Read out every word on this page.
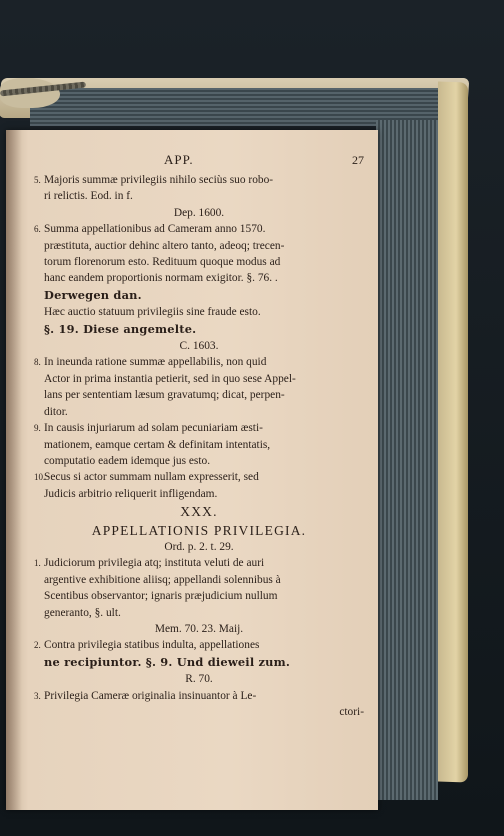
APP.	27
5. Majoris summæ privilegiis nihilo seciùs suo robo-
ri relictis. Eod. in f.
Dep. 1600.
6. Summa appellationibus ad Cameram anno 1570.
præstituta, auctior dehinc altero tanto, adeoq; trecen-
torum florenorum esto. Redituum quoque modus ad
hanc eandem proportionis normam exigitor. §. 76. .
Derwegen dan.
Hæc auctio statuum privilegiis sine fraude esto.
§. 19. Diese angemelte.
C. 1603.
8. In ineunda ratione summæ appellabilis, non quid
Actor in prima instantia petierit, sed in quo sese Appel-
lans per sententiam læsum gravatumq; dicat, perpen-
ditor.
9. In causis injuriarum ad solam pecuniariam æsti-
mationem, eamque certam & definitam intentatis,
computatio eadem idemque jus esto.
10.Secus si actor summam nullam expresserit, sed
Judicis arbitrio reliquerit infligendam.
XXX.
APPELLATIONIS PRIVILEGIA.
Ord. p. 2. t. 29.
1. Judiciorum privilegia atq; instituta veluti de auri
argentive exhibitione aliisq; appellandi solennibus à
Scentibus observantor; ignaris præjudicium nullum
generanto, §. ult.
Mem. 70. 23. Maij.
2. Contra privilegia statibus indulta, appellationes
ne recipiuntor. §. 9. Und dieweil zum.
R. 70.
3. Privilegia Cameræ originalia insinuantor à Le-
ctori-
